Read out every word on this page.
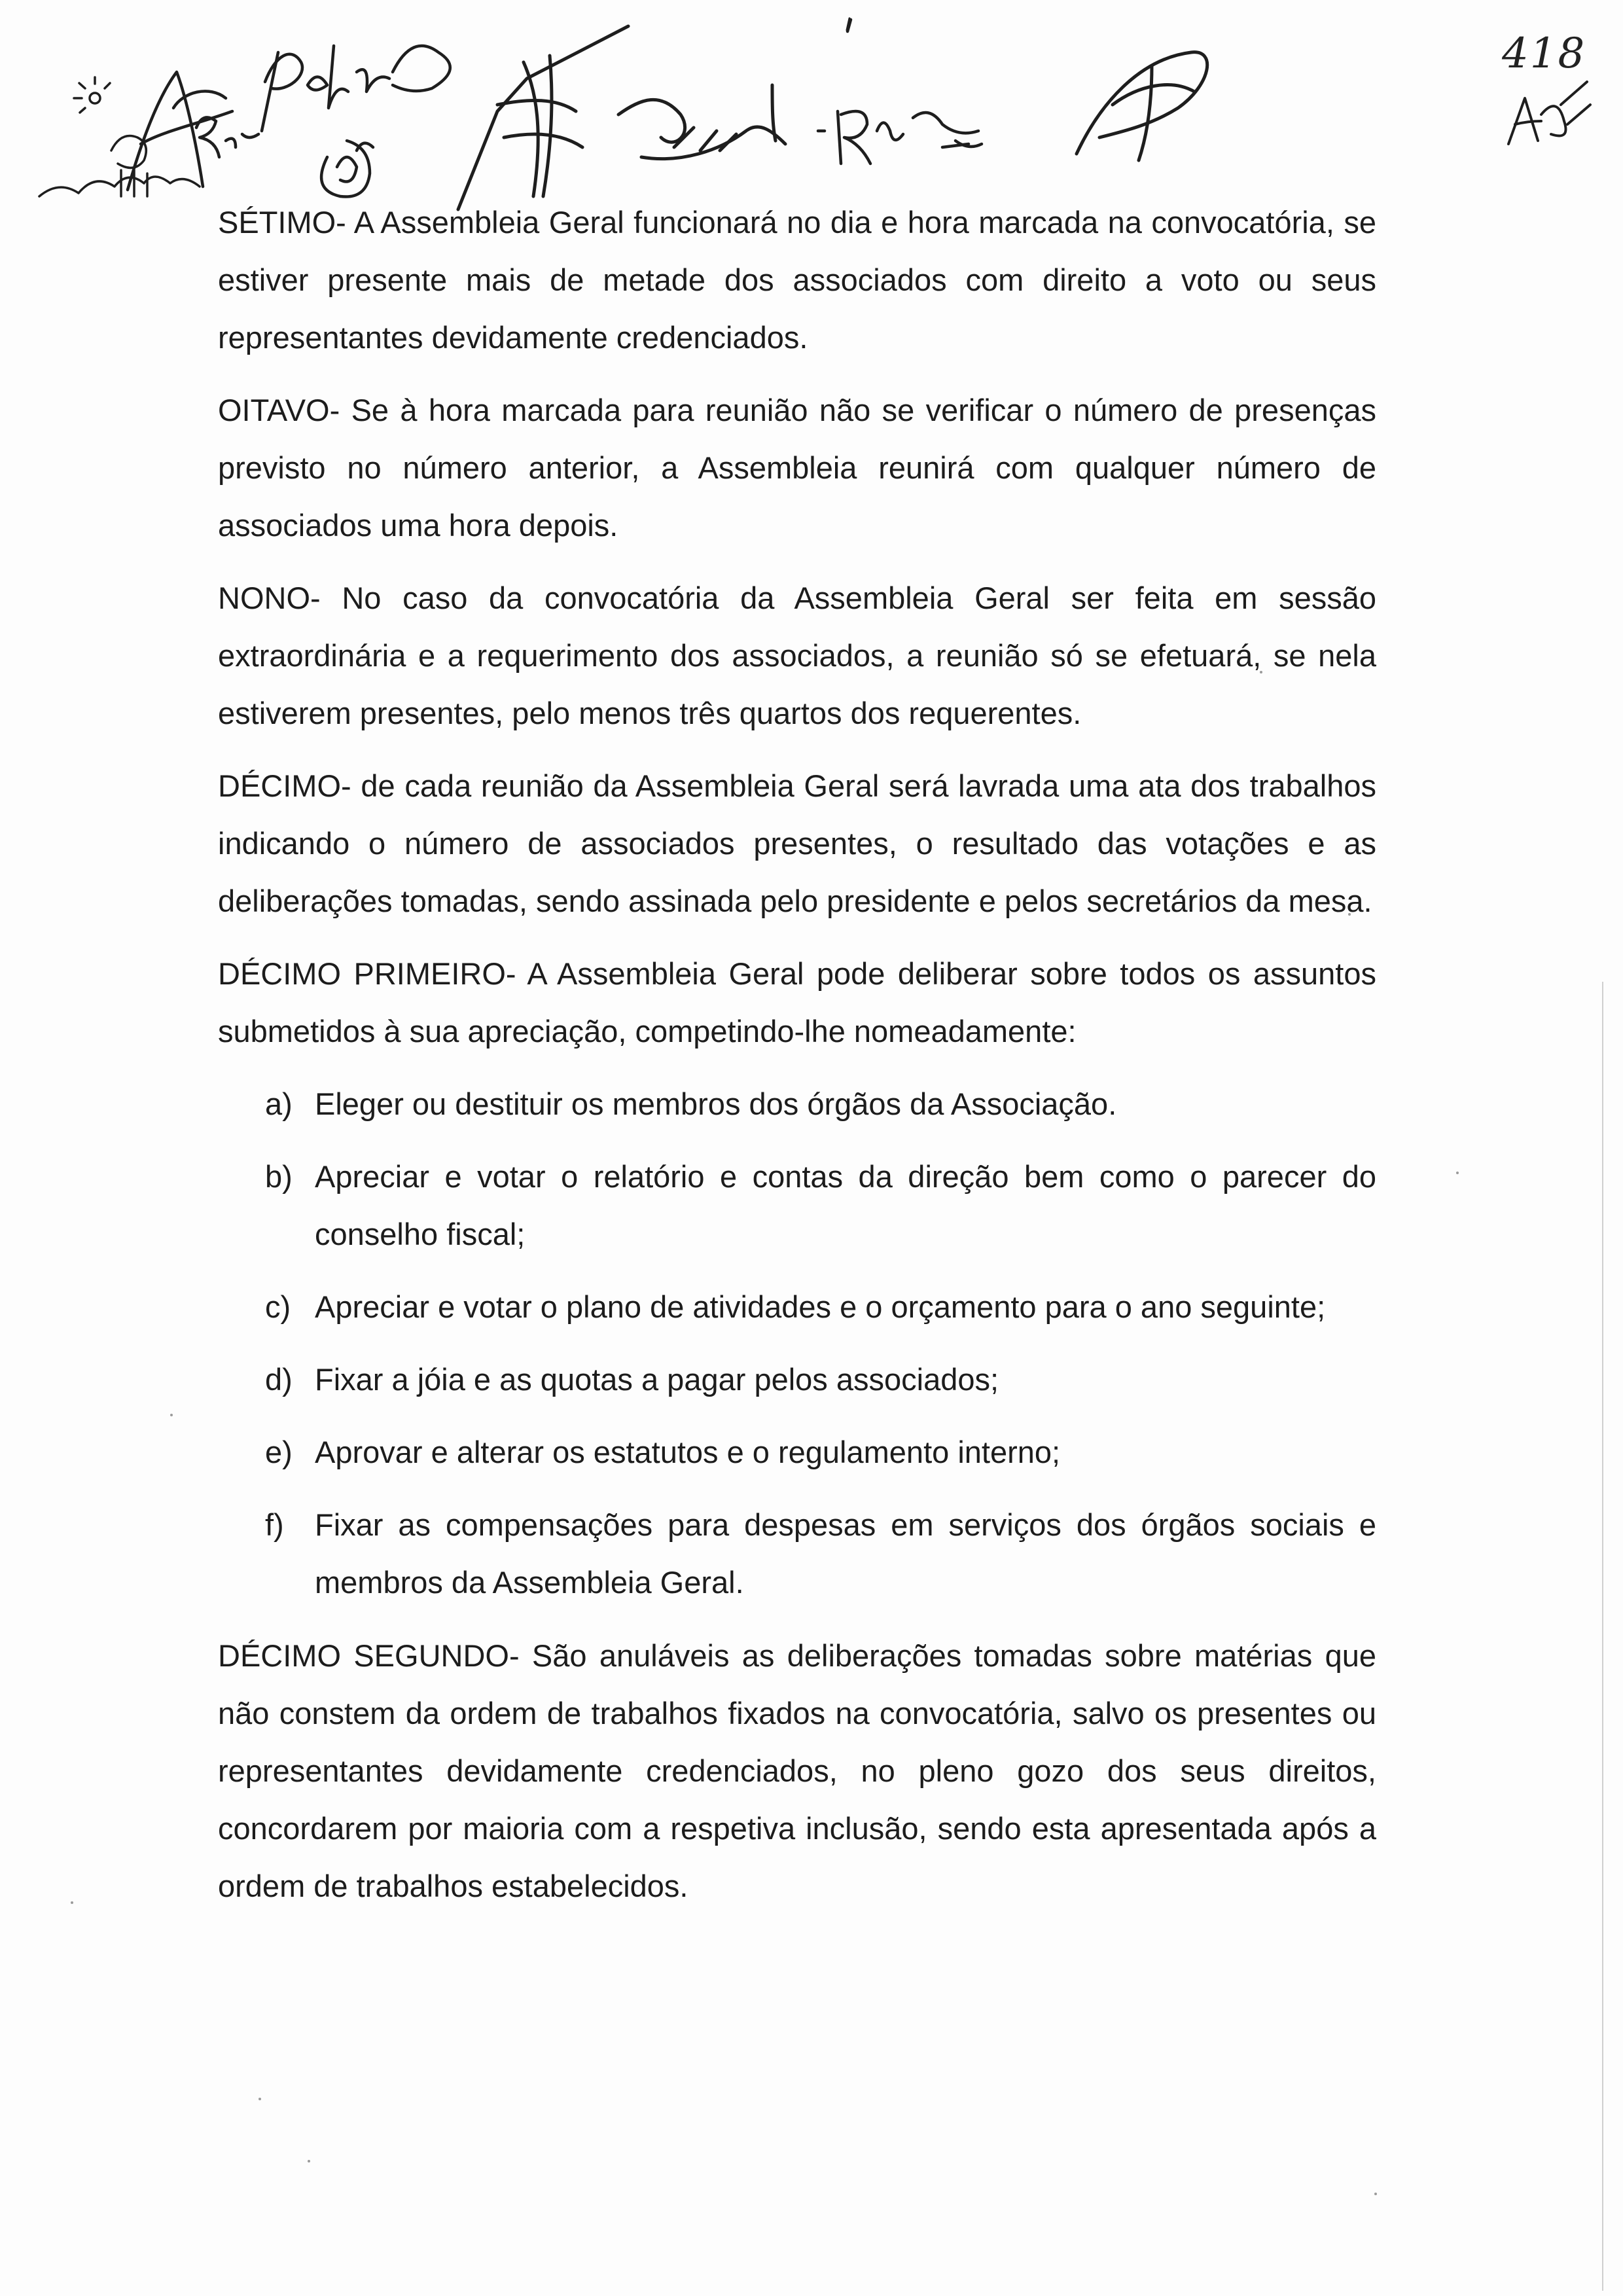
418

SÉTIMO- A Assembleia Geral funcionará no dia e hora marcada na convocatória, se estiver presente mais de metade dos associados com direito a voto ou seus representantes devidamente credenciados.

OITAVO- Se à hora marcada para reunião não se verificar o número de presenças previsto no número anterior, a Assembleia reunirá com qualquer número de associados uma hora depois.

NONO- No caso da convocatória da Assembleia Geral ser feita em sessão extraordinária e a requerimento dos associados, a reunião só se efetuará, se nela estiverem presentes, pelo menos três quartos dos requerentes.

DÉCIMO- de cada reunião da Assembleia Geral será lavrada uma ata dos trabalhos indicando o número de associados presentes, o resultado das votações e as deliberações tomadas, sendo assinada pelo presidente e pelos secretários da mesa.

DÉCIMO PRIMEIRO- A Assembleia Geral pode deliberar sobre todos os assuntos submetidos à sua apreciação, competindo-lhe nomeadamente:

a) Eleger ou destituir os membros dos órgãos da Associação.
b) Apreciar e votar o relatório e contas da direção bem como o parecer do conselho fiscal;
c) Apreciar e votar o plano de atividades e o orçamento para o ano seguinte;
d) Fixar a jóia e as quotas a pagar pelos associados;
e) Aprovar e alterar os estatutos e o regulamento interno;
f) Fixar as compensações para despesas em serviços dos órgãos sociais e membros da Assembleia Geral.

DÉCIMO SEGUNDO- São anuláveis as deliberações tomadas sobre matérias que não constem da ordem de trabalhos fixados na convocatória, salvo os presentes ou representantes devidamente credenciados, no pleno gozo dos seus direitos, concordarem por maioria com a respetiva inclusão, sendo esta apresentada após a ordem de trabalhos estabelecidos.
